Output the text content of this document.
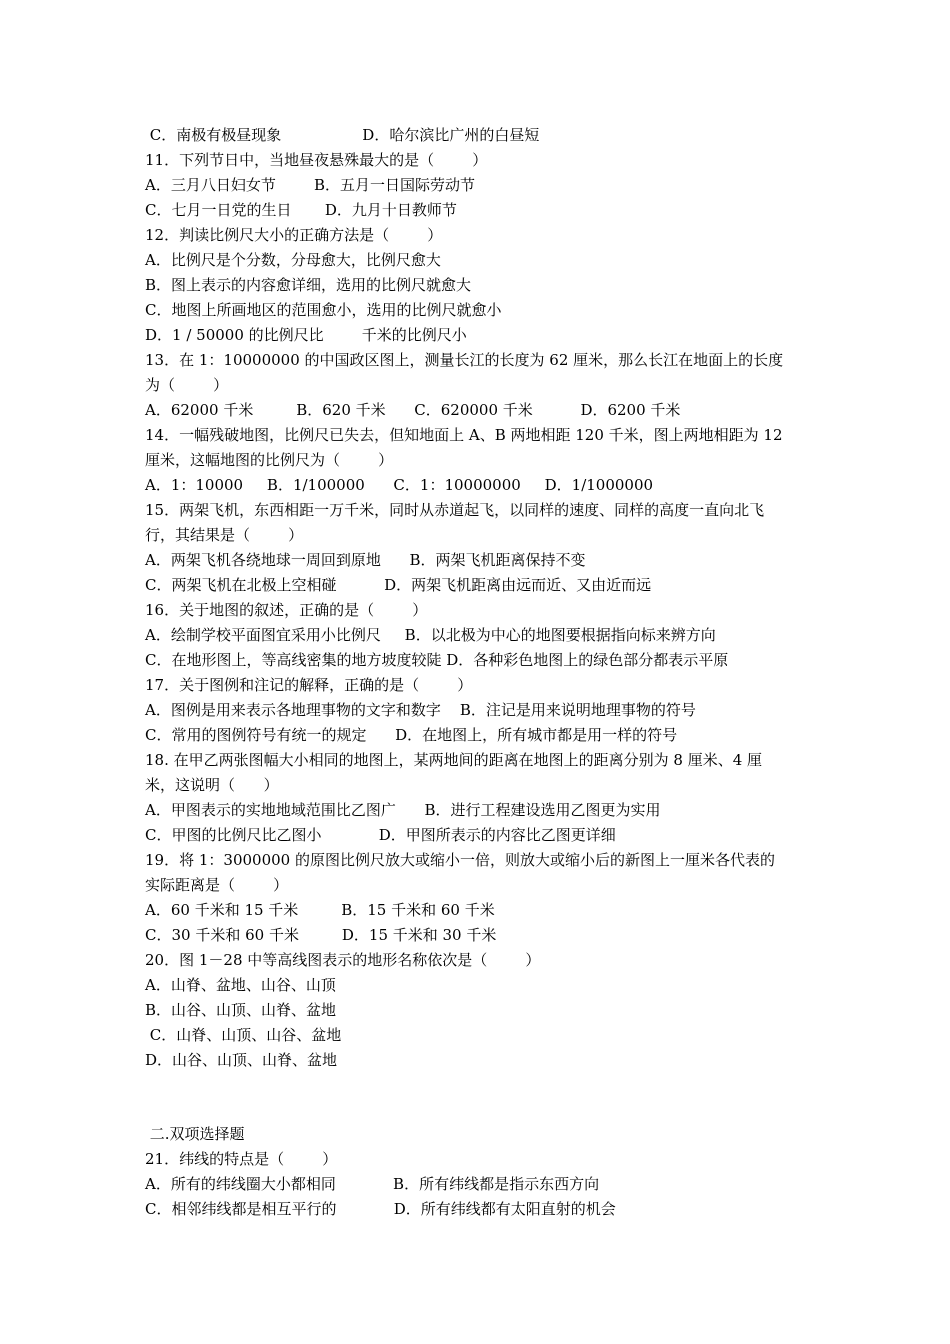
C．南极有极昼现象                 D．哈尔滨比广州的白昼短
11．下列节日中，当地昼夜悬殊最大的是（        ）
A．三月八日妇女节        B．五月一日国际劳动节
C．七月一日党的生日       D．九月十日教师节
12．判读比例尺大小的正确方法是（        ）
A．比例尺是个分数，分母愈大，比例尺愈大
B．图上表示的内容愈详细，选用的比例尺就愈大
C．地图上所画地区的范围愈小，选用的比例尺就愈小
D．1 / 50000 的比例尺比        千米的比例尺小
13．在 1：10000000 的中国政区图上，测量长江的长度为 62 厘米，那么长江在地面上的长度
为（        ）
A．62000 千米         B．620 千米      C．620000 千米          D．6200 千米
14．一幅残破地图，比例尺已失去，但知地面上 A、B 两地相距 120 千米，图上两地相距为 12
厘米，这幅地图的比例尺为（        ）
A．1：10000     B．1/100000      C．1：10000000     D．1/1000000
15．两架飞机，东西相距一万千米，同时从赤道起飞，以同样的速度、同样的高度一直向北飞
行，其结果是（        ）
A．两架飞机各绕地球一周回到原地      B．两架飞机距离保持不变
C．两架飞机在北极上空相碰          D．两架飞机距离由远而近、又由近而远
16．关于地图的叙述，正确的是（        ）
A．绘制学校平面图宜采用小比例尺     B．以北极为中心的地图要根据指向标来辨方向
C．在地形图上，等高线密集的地方坡度较陡 D．各种彩色地图上的绿色部分都表示平原
17．关于图例和注记的解释，正确的是（        ）
A．图例是用来表示各地理事物的文字和数字    B．注记是用来说明地理事物的符号
C．常用的图例符号有统一的规定      D．在地图上，所有城市都是用一样的符号
18. 在甲乙两张图幅大小相同的地图上，某两地间的距离在地图上的距离分别为 8 厘米、4 厘
米，这说明（      ）
A．甲图表示的实地地域范围比乙图广      B．进行工程建设选用乙图更为实用
C．甲图的比例尺比乙图小            D．甲图所表示的内容比乙图更详细
19．将 1：3000000 的原图比例尺放大或缩小一倍，则放大或缩小后的新图上一厘米各代表的
实际距离是（        ）
A．60 千米和 15 千米         B．15 千米和 60 千米
C．30 千米和 60 千米         D．15 千米和 30 千米
20．图 1－28 中等高线图表示的地形名称依次是（        ）
A．山脊、盆地、山谷、山顶
B．山谷、山顶、山脊、盆地
C．山脊、山顶、山谷、盆地
D．山谷、山顶、山脊、盆地
二.双项选择题
21．纬线的特点是（        ）
A．所有的纬线圈大小都相同            B．所有纬线都是指示东西方向
C．相邻纬线都是相互平行的            D．所有纬线都有太阳直射的机会
